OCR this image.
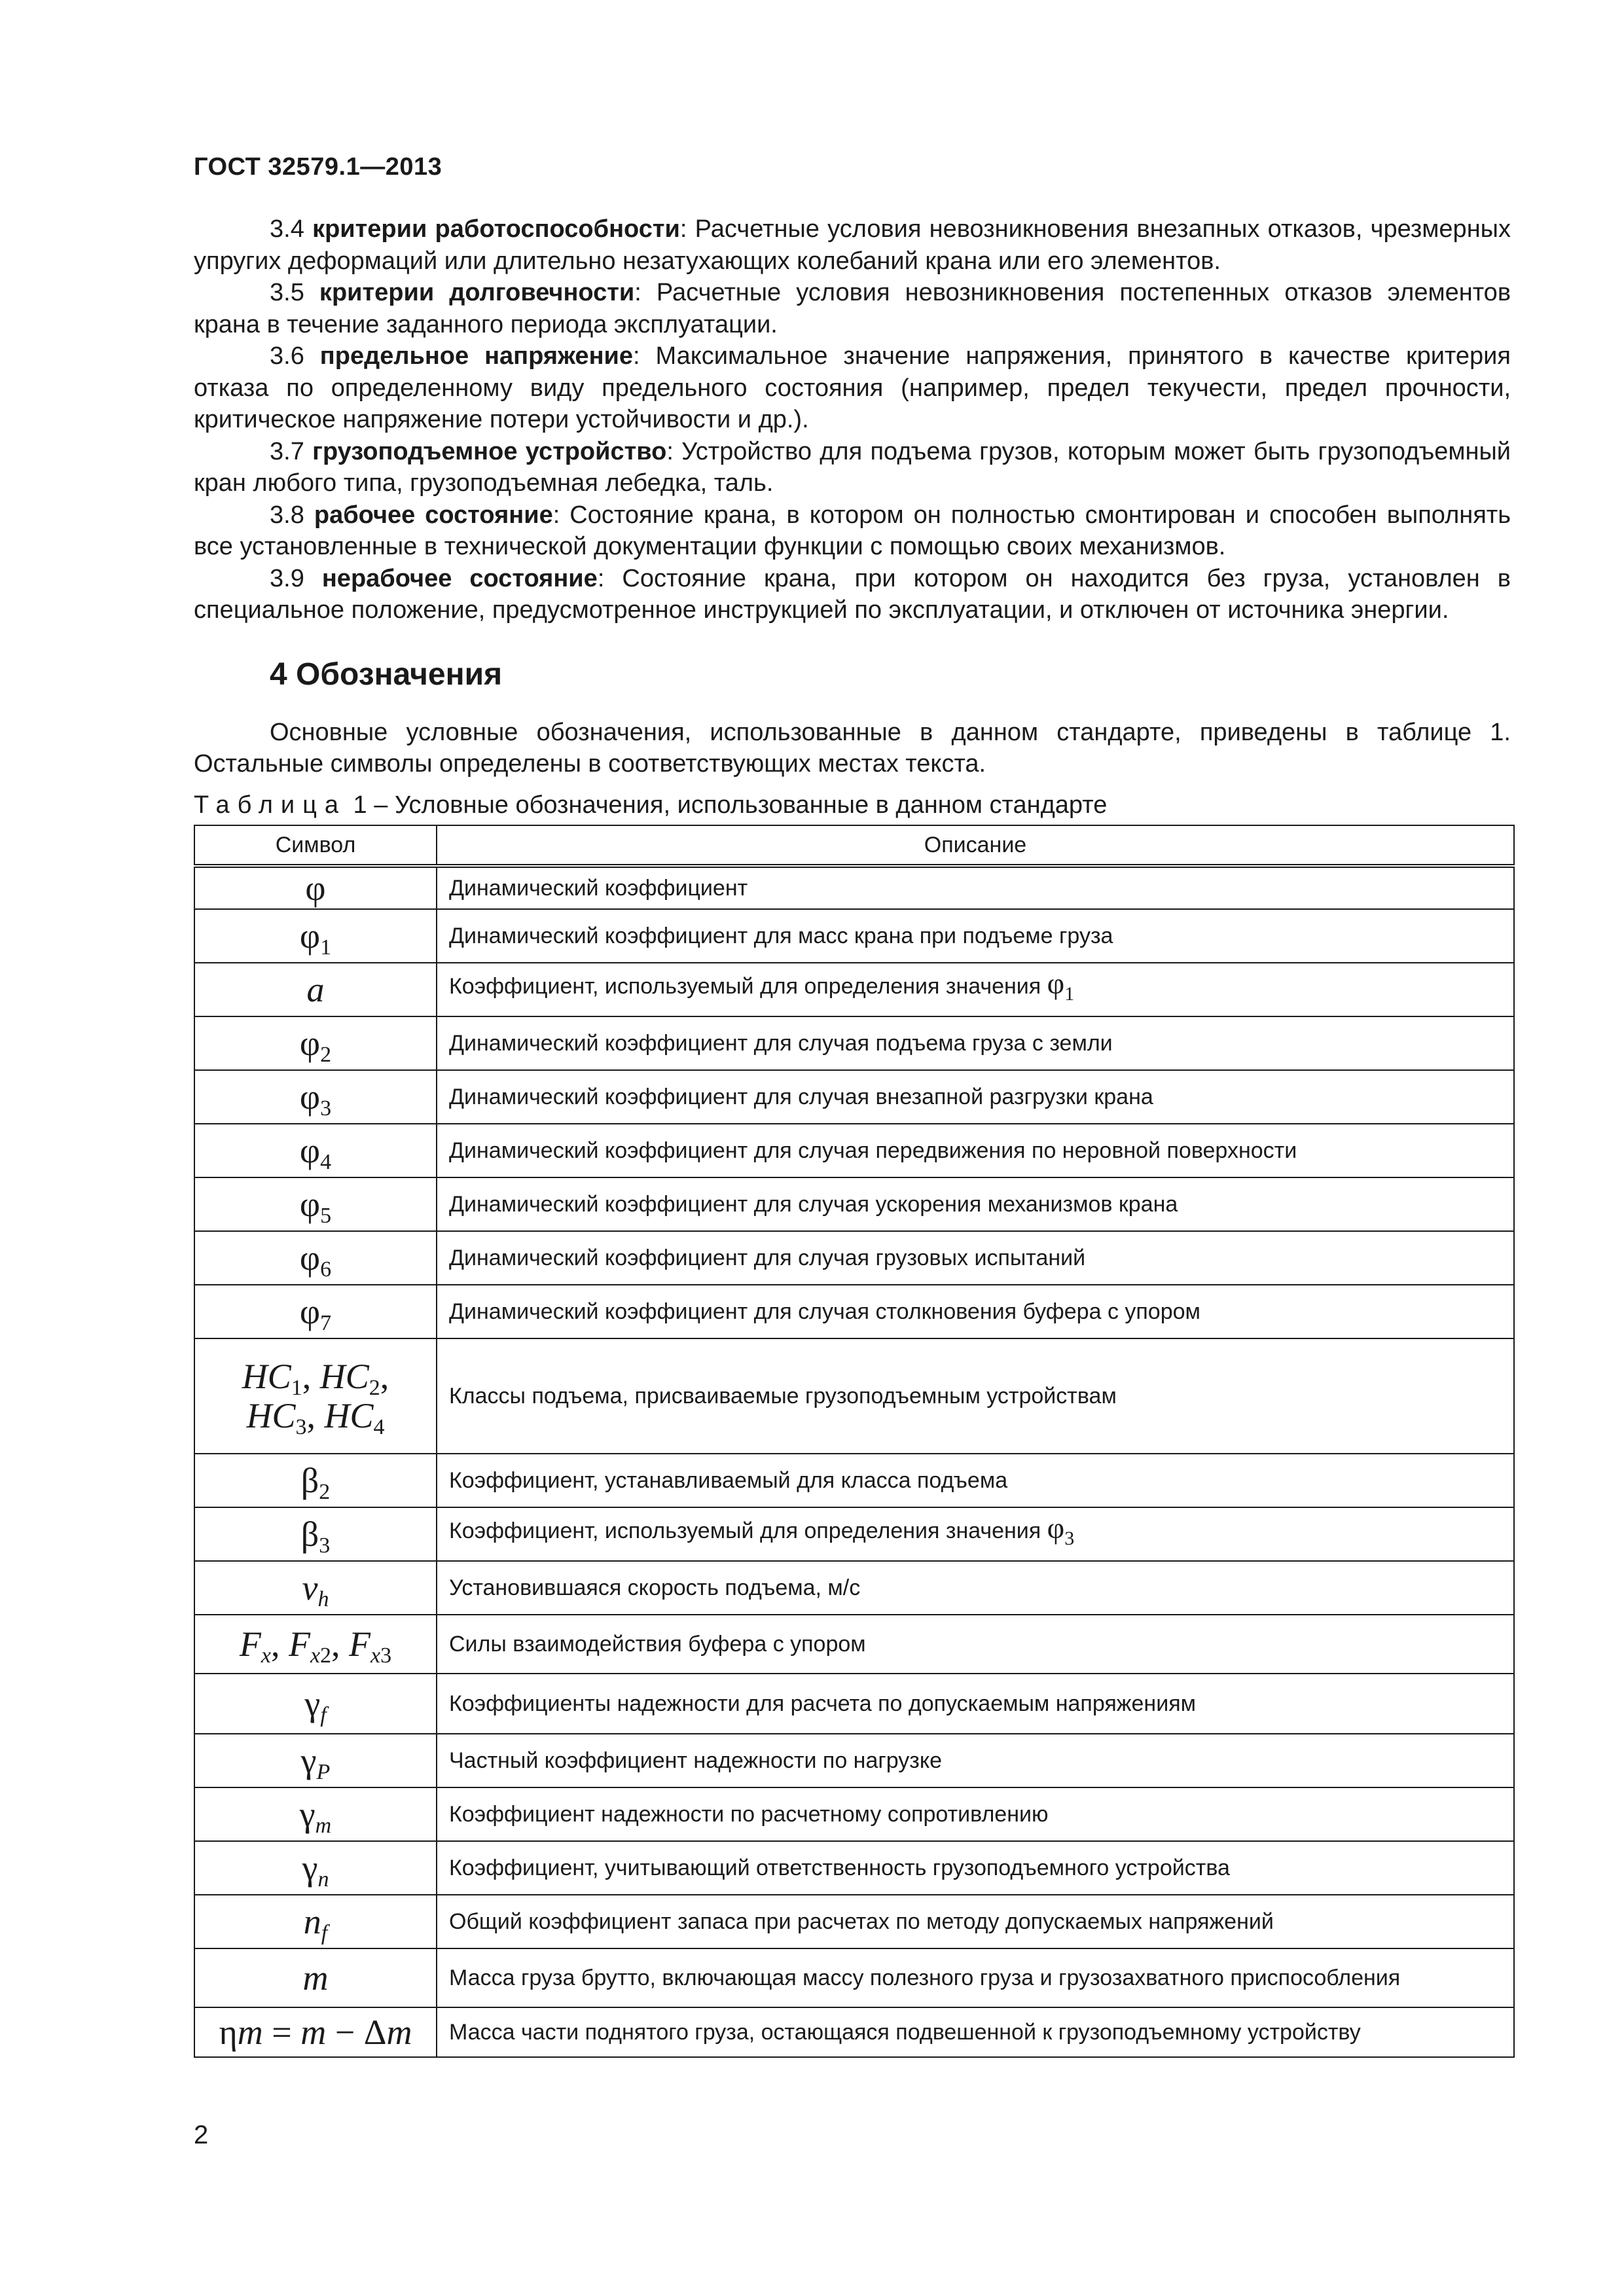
ГОСТ 32579.1—2013

3.4 критерии работоспособности: Расчетные условия невозникновения внезапных отказов, чрезмерных упругих деформаций или длительно незатухающих колебаний крана или его элементов.

3.5 критерии долговечности: Расчетные условия невозникновения постепенных отказов элементов крана в течение заданного периода эксплуатации.

3.6 предельное напряжение: Максимальное значение напряжения, принятого в качестве критерия отказа по определенному виду предельного состояния (например, предел текучести, предел прочности, критическое напряжение потери устойчивости и др.).

3.7 грузоподъемное устройство: Устройство для подъема грузов, которым может быть грузоподъемный кран любого типа, грузоподъемная лебедка, таль.

3.8 рабочее состояние: Состояние крана, в котором он полностью смонтирован и способен выполнять все установленные в технической документации функции с помощью своих механизмов.

3.9 нерабочее состояние: Состояние крана, при котором он находится без груза, установлен в специальное положение, предусмотренное инструкцией по эксплуатации, и отключен от источника энергии.

4 Обозначения

Основные условные обозначения, использованные в данном стандарте, приведены в таблице 1. Остальные символы определены в соответствующих местах текста.

Таблица 1 – Условные обозначения, использованные в данном стандарте
Символ	Описание
φ	Динамический коэффициент
$\varphi_1$	Динамический коэффициент для масс крана при подъеме груза
a	Коэффициент, используемый для определения значения $\varphi_1$
$\varphi_2$	Динамический коэффициент для случая подъема груза с земли
$\varphi_3$	Динамический коэффициент для случая внезапной разгрузки крана
$\varphi_4$	Динамический коэффициент для случая передвижения по неровной поверхности
$\varphi_5$	Динамический коэффициент для случая ускорения механизмов крана
$\varphi_6$	Динамический коэффициент для случая грузовых испытаний
$\varphi_7$	Динамический коэффициент для случая столкновения буфера с упором
$HC_1$, $HC_2$,
$HC_3$, $HC_4$	Классы подъема, присваиваемые грузоподъемным устройствам
$\beta_2$	Коэффициент, устанавливаемый для класса подъема
$\beta_3$	Коэффициент, используемый для определения значения $\varphi_3$
$v_h$	Установившаяся скорость подъема, м/с
$F_x$, $F_{x2}$, $F_{x3}$	Силы взаимодействия буфера с упором
$\gamma_f$	Коэффициенты надежности для расчета по допускаемым напряжениям
$\gamma_P$	Частный коэффициент надежности по нагрузке
$\gamma_m$	Коэффициент надежности по расчетному сопротивлению
$\gamma_n$	Коэффициент, учитывающий ответственность грузоподъемного устройства
$n_f$	Общий коэффициент запаса при расчетах по методу допускаемых напряжений
m	Масса груза брутто, включающая массу полезного груза и грузозахватного приспособления
ηm = m − Δm	Масса части поднятого груза, остающаяся подвешенной к грузоподъемному устройству
2
